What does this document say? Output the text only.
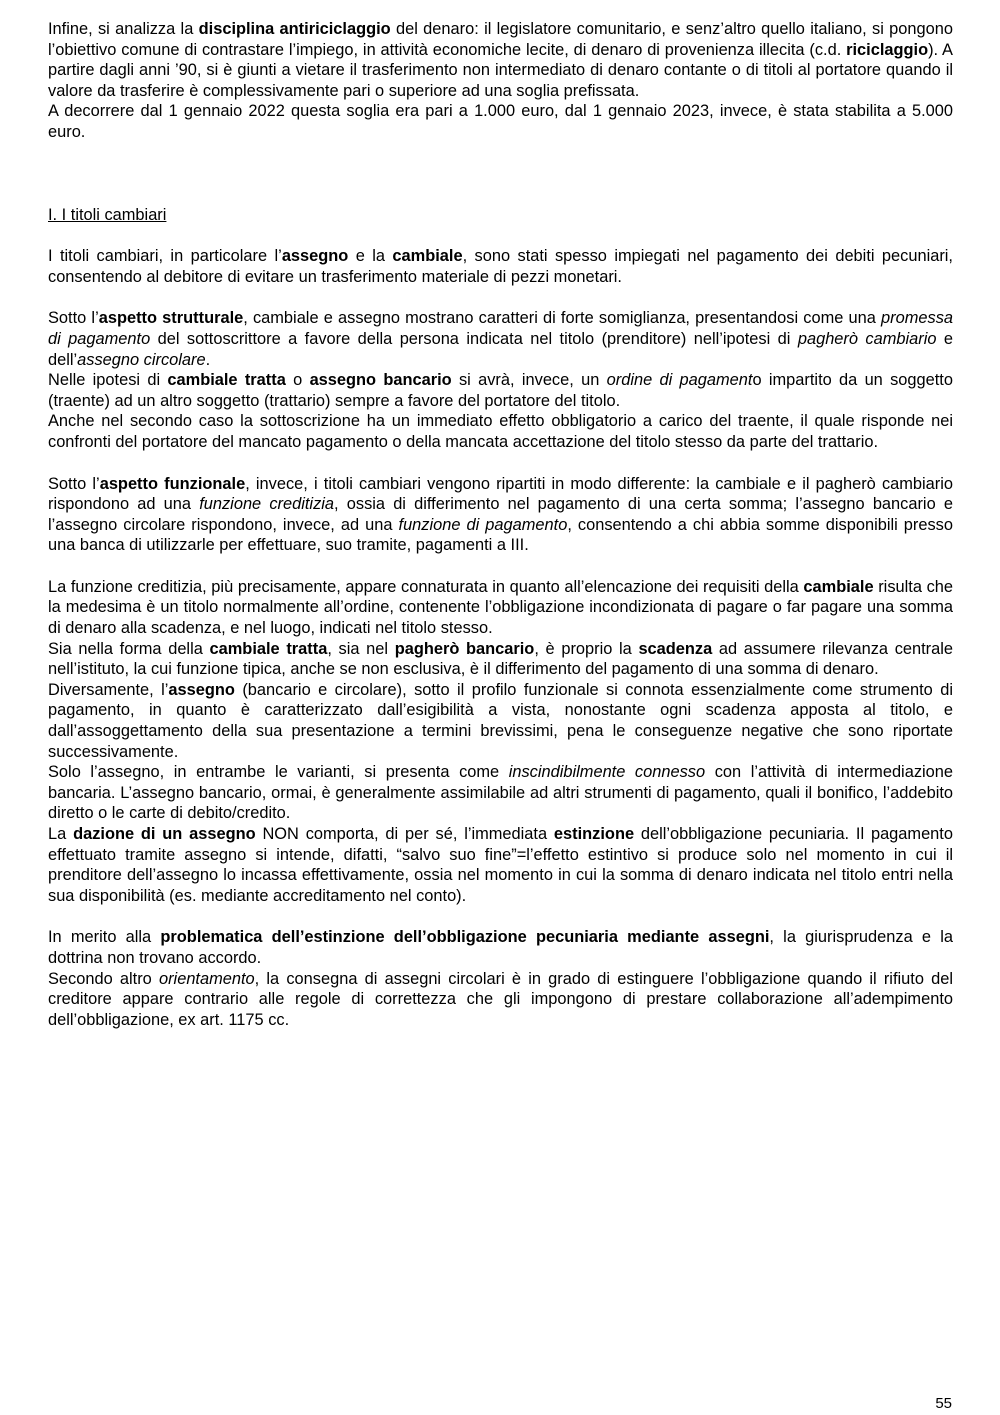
Infine, si analizza la disciplina antiriciclaggio del denaro: il legislatore comunitario, e senz’altro quello italiano, si pongono l’obiettivo comune di contrastare l’impiego, in attività economiche lecite, di denaro di provenienza illecita (c.d. riciclaggio). A partire dagli anni ’90, si è giunti a vietare il trasferimento non intermediato di denaro contante o di titoli al portatore quando il valore da trasferire è complessivamente pari o superiore ad una soglia prefissata.

A decorrere dal 1 gennaio 2022 questa soglia era pari a 1.000 euro, dal 1 gennaio 2023, invece, è stata stabilita a 5.000 euro.

I. I titoli cambiari

I titoli cambiari, in particolare l’assegno e la cambiale, sono stati spesso impiegati nel pagamento dei debiti pecuniari, consentendo al debitore di evitare un trasferimento materiale di pezzi monetari.

Sotto l’aspetto strutturale, cambiale e assegno mostrano caratteri di forte somiglianza, presentandosi come una promessa di pagamento del sottoscrittore a favore della persona indicata nel titolo (prenditore) nell’ipotesi di pagherò cambiario e dell’assegno circolare.

Nelle ipotesi di cambiale tratta o assegno bancario si avrà, invece, un ordine di pagamento impartito da un soggetto (traente) ad un altro soggetto (trattario) sempre a favore del portatore del titolo.

Anche nel secondo caso la sottoscrizione ha un immediato effetto obbligatorio a carico del traente, il quale risponde nei confronti del portatore del mancato pagamento o della mancata accettazione del titolo stesso da parte del trattario.

Sotto l’aspetto funzionale, invece, i titoli cambiari vengono ripartiti in modo differente: la cambiale e il pagherò cambiario rispondono ad una funzione creditizia, ossia di differimento nel pagamento di una certa somma; l’assegno bancario e l’assegno circolare rispondono, invece, ad una funzione di pagamento, consentendo a chi abbia somme disponibili presso una banca di utilizzarle per effettuare, suo tramite, pagamenti a III.

La funzione creditizia, più precisamente, appare connaturata in quanto all’elencazione dei requisiti della cambiale risulta che la medesima è un titolo normalmente all’ordine, contenente l’obbligazione incondizionata di pagare o far pagare una somma di denaro alla scadenza, e nel luogo, indicati nel titolo stesso.

Sia nella forma della cambiale tratta, sia nel pagherò bancario, è proprio la scadenza ad assumere rilevanza centrale nell’istituto, la cui funzione tipica, anche se non esclusiva, è il differimento del pagamento di una somma di denaro.

Diversamente, l’assegno (bancario e circolare), sotto il profilo funzionale si connota essenzialmente come strumento di pagamento, in quanto è caratterizzato dall’esigibilità a vista, nonostante ogni scadenza apposta al titolo, e dall’assoggettamento della sua presentazione a termini brevissimi, pena le conseguenze negative che sono riportate successivamente.

Solo l’assegno, in entrambe le varianti, si presenta come inscindibilmente connesso con l’attività di intermediazione bancaria. L’assegno bancario, ormai, è generalmente assimilabile ad altri strumenti di pagamento, quali il bonifico, l’addebito diretto o le carte di debito/credito.

La dazione di un assegno NON comporta, di per sé, l’immediata estinzione dell’obbligazione pecuniaria. Il pagamento effettuato tramite assegno si intende, difatti, “salvo suo fine”=l’effetto estintivo si produce solo nel momento in cui il prenditore dell’assegno lo incassa effettivamente, ossia nel momento in cui la somma di denaro indicata nel titolo entri nella sua disponibilità (es. mediante accreditamento nel conto).

In merito alla problematica dell’estinzione dell’obbligazione pecuniaria mediante assegni, la giurisprudenza e la dottrina non trovano accordo.

Secondo altro orientamento, la consegna di assegni circolari è in grado di estinguere l’obbligazione quando il rifiuto del creditore appare contrario alle regole di correttezza che gli impongono di prestare collaborazione all’adempimento dell’obbligazione, ex art. 1175 cc.

55
